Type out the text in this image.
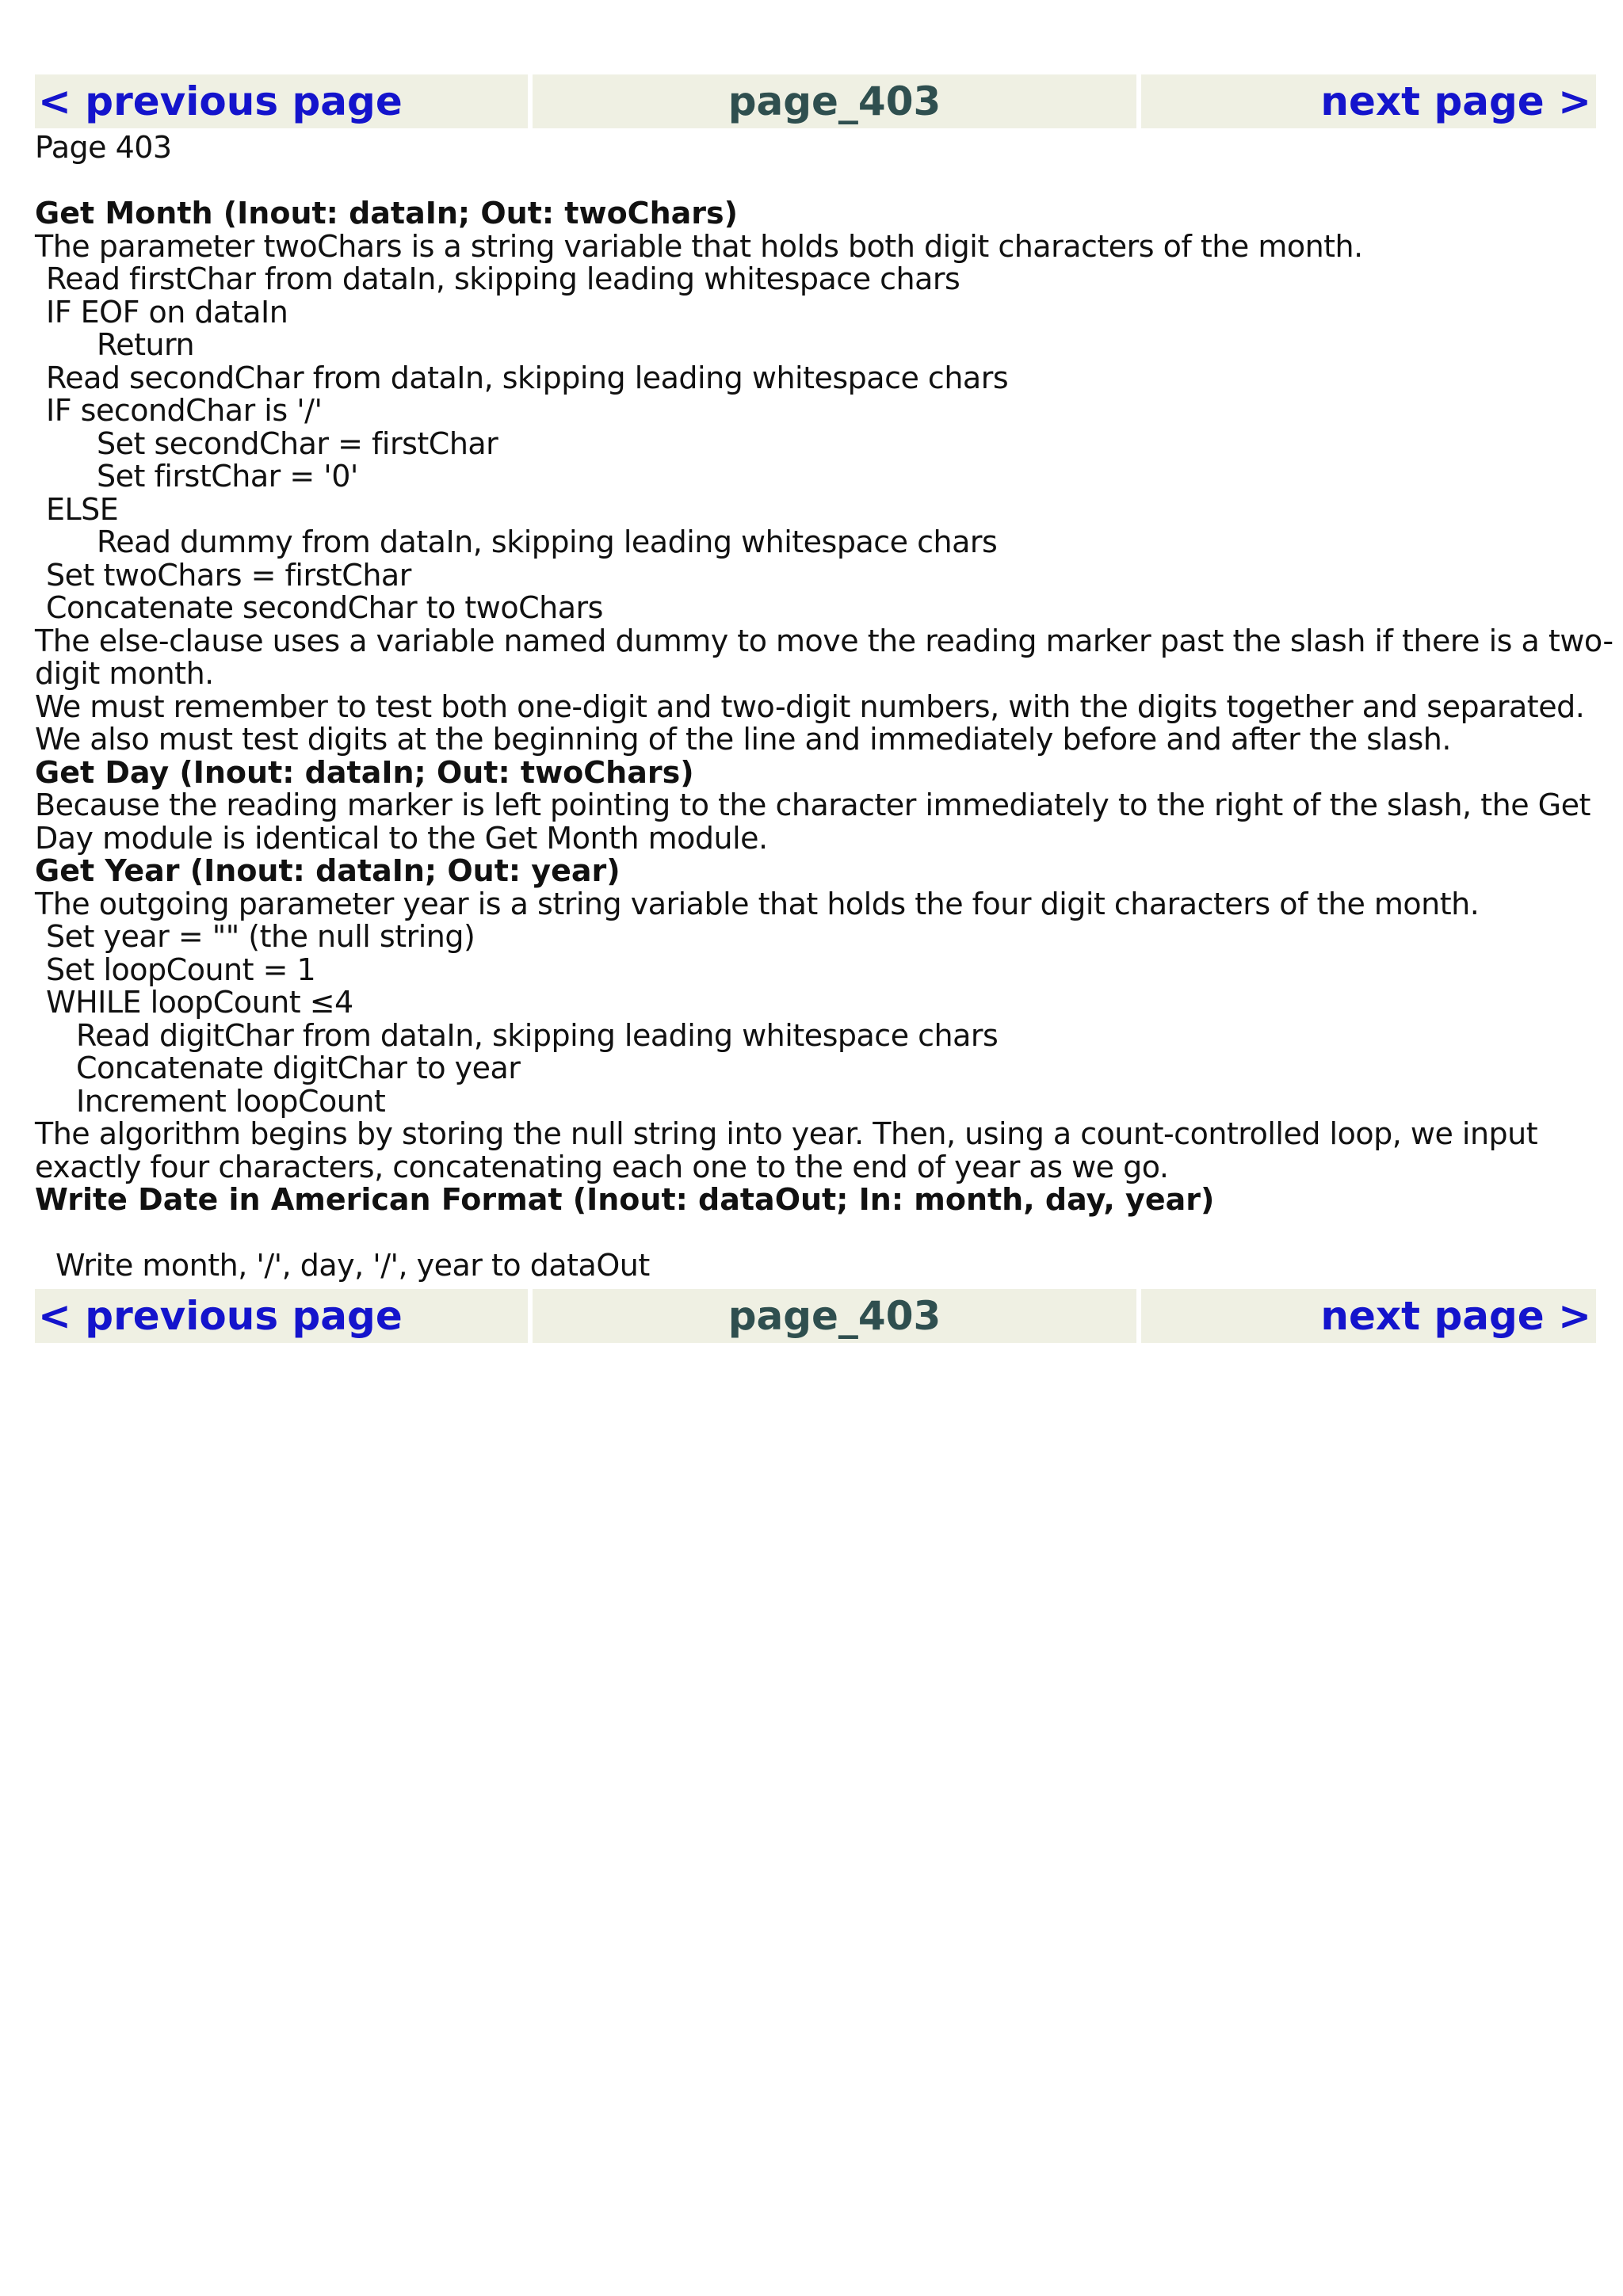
< previous page	page_403	next page >
Page 403
Get Month (Inout: dataIn; Out: twoChars)
The parameter twoChars is a string variable that holds both digit characters of the month.
Read firstChar from dataIn, skipping leading whitespace chars
IF EOF on dataIn
Return
Read secondChar from dataIn, skipping leading whitespace chars
IF secondChar is '/'
Set secondChar = firstChar
Set firstChar = '0'
ELSE
Read dummy from dataIn, skipping leading whitespace chars
Set twoChars = firstChar
Concatenate secondChar to twoChars
The else-clause uses a variable named dummy to move the reading marker past the slash if there is a two-
digit month.
We must remember to test both one-digit and two-digit numbers, with the digits together and separated.
We also must test digits at the beginning of the line and immediately before and after the slash.
Get Day (Inout: dataIn; Out: twoChars)
Because the reading marker is left pointing to the character immediately to the right of the slash, the Get
Day module is identical to the Get Month module.
Get Year (Inout: dataIn; Out: year)
The outgoing parameter year is a string variable that holds the four digit characters of the month.
Set year = "" (the null string)
Set loopCount = 1
WHILE loopCount ≤4
Read digitChar from dataIn, skipping leading whitespace chars
Concatenate digitChar to year
Increment loopCount
The algorithm begins by storing the null string into year. Then, using a count-controlled loop, we input
exactly four characters, concatenating each one to the end of year as we go.
Write Date in American Format (Inout: dataOut; In: month, day, year)
Write month, '/', day, '/', year to dataOut
< previous page	page_403	next page >
